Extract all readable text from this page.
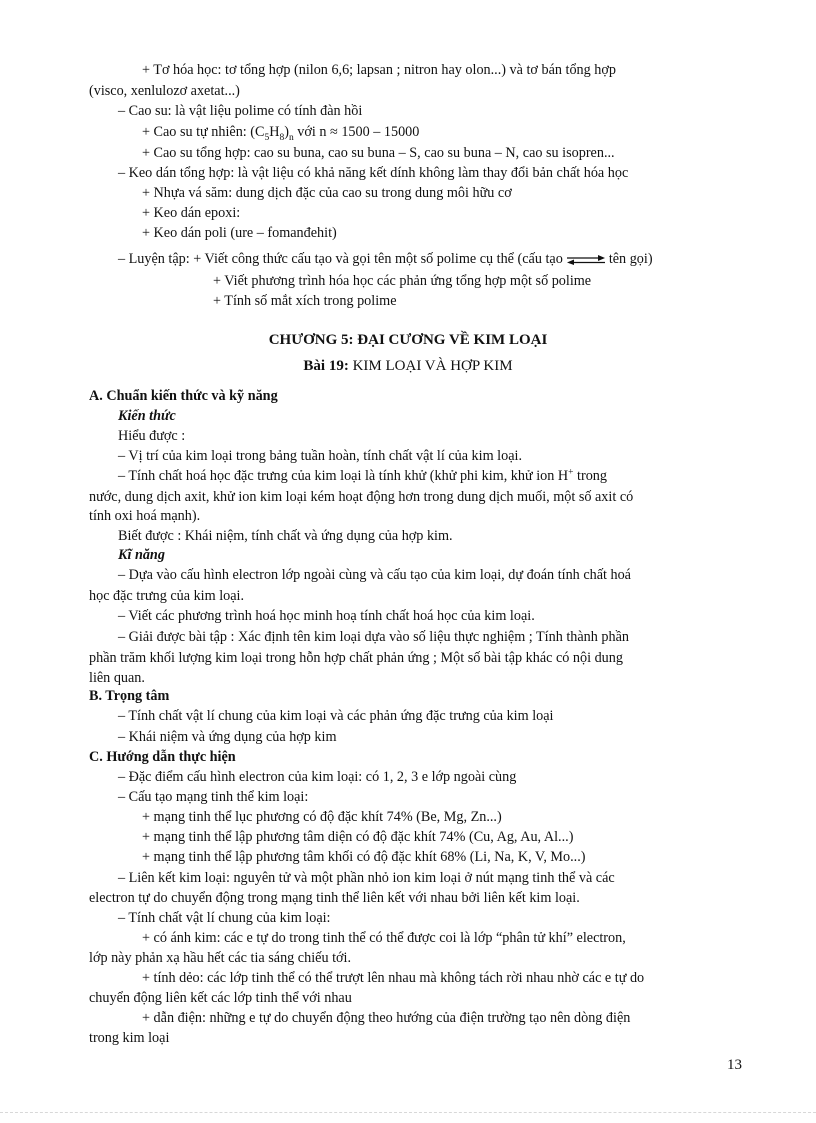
+ Tơ hóa học: tơ tổng hợp (nilon 6,6; lapsan ; nitron hay olon...) và tơ bán tổng hợp
(visco, xenlulozơ axetat...)
– Cao su: là vật liệu polime có tính đàn hồi
+ Cao su tự nhiên: $(C_5H_8)_n$ với n ≈ 1500 – 15000
+ Cao su tổng hợp: cao su buna, cao su buna – S, cao su buna – N, cao su isopren...
– Keo dán tổng hợp: là vật liệu có khả năng kết dính không làm thay đổi bản chất hóa học
+ Nhựa vá săm: dung dịch đặc của cao su trong dung môi hữu cơ
+ Keo dán epoxi:
+ Keo dán poli (ure – fomanđehit)
– Luyện tập: + Viết công thức cấu tạo và gọi tên một số polime cụ thể (cấu tạo ⇌ tên gọi)
+ Viết phương trình hóa học các phản ứng tổng hợp một số polime
+ Tính số mắt xích trong polime
CHƯƠNG 5: ĐẠI CƯƠNG VỀ KIM LOẠI
Bài 19: KIM LOẠI VÀ HỢP KIM
A. Chuẩn kiến thức và kỹ năng
Kiến thức
Hiểu được :
– Vị trí của kim loại trong bảng tuần hoàn, tính chất vật lí của kim loại.
– Tính chất hoá học đặc trưng của kim loại là tính khử (khử phi kim, khử ion H+ trong
nước, dung dịch axit, khử ion kim loại kém hoạt động hơn trong dung dịch muối, một số axit có
tính oxi hoá mạnh).
Biết được : Khái niệm, tính chất và ứng dụng của hợp kim.
Kĩ năng
– Dựa vào cấu hình electron lớp ngoài cùng và cấu tạo của kim loại, dự đoán tính chất hoá
học đặc trưng của kim loại.
– Viết các phương trình hoá học minh hoạ tính chất hoá học của kim loại.
– Giải được bài tập : Xác định tên kim loại dựa vào số liệu thực nghiệm ; Tính thành phần
phần trăm khối lượng kim loại trong hỗn hợp chất phản ứng ; Một số bài tập khác có nội dung
liên quan.
B. Trọng tâm
– Tính chất vật lí chung của kim loại và các phản ứng đặc trưng của kim loại
– Khái niệm và ứng dụng của hợp kim
C. Hướng dẫn thực hiện
– Đặc điểm cấu hình electron của kim loại: có 1, 2, 3 e lớp ngoài cùng
– Cấu tạo mạng tinh thể kim loại:
+ mạng tinh thể lục phương có độ đặc khít 74% (Be, Mg, Zn...)
+ mạng tinh thể lập phương tâm diện có độ đặc khít 74% (Cu, Ag, Au, Al...)
+ mạng tinh thể lập phương tâm khối có độ đặc khít 68% (Li, Na, K, V, Mo...)
– Liên kết kim loại: nguyên tử và một phần nhỏ ion kim loại ở nút mạng tinh thể và các
electron tự do chuyển động trong mạng tinh thể liên kết với nhau bởi liên kết kim loại.
– Tính chất vật lí chung của kim loại:
+ có ánh kim: các e tự do trong tinh thể có thể được coi là lớp “phân tử khí” electron,
lớp này phản xạ hầu hết các tia sáng chiếu tới.
+ tính dẻo: các lớp tinh thể có thể trượt lên nhau mà không tách rời nhau nhờ các e tự do
chuyển động liên kết các lớp tinh thể với nhau
+ dẫn điện: những e tự do chuyển động theo hướng của điện trường tạo nên dòng điện
trong kim loại
13
